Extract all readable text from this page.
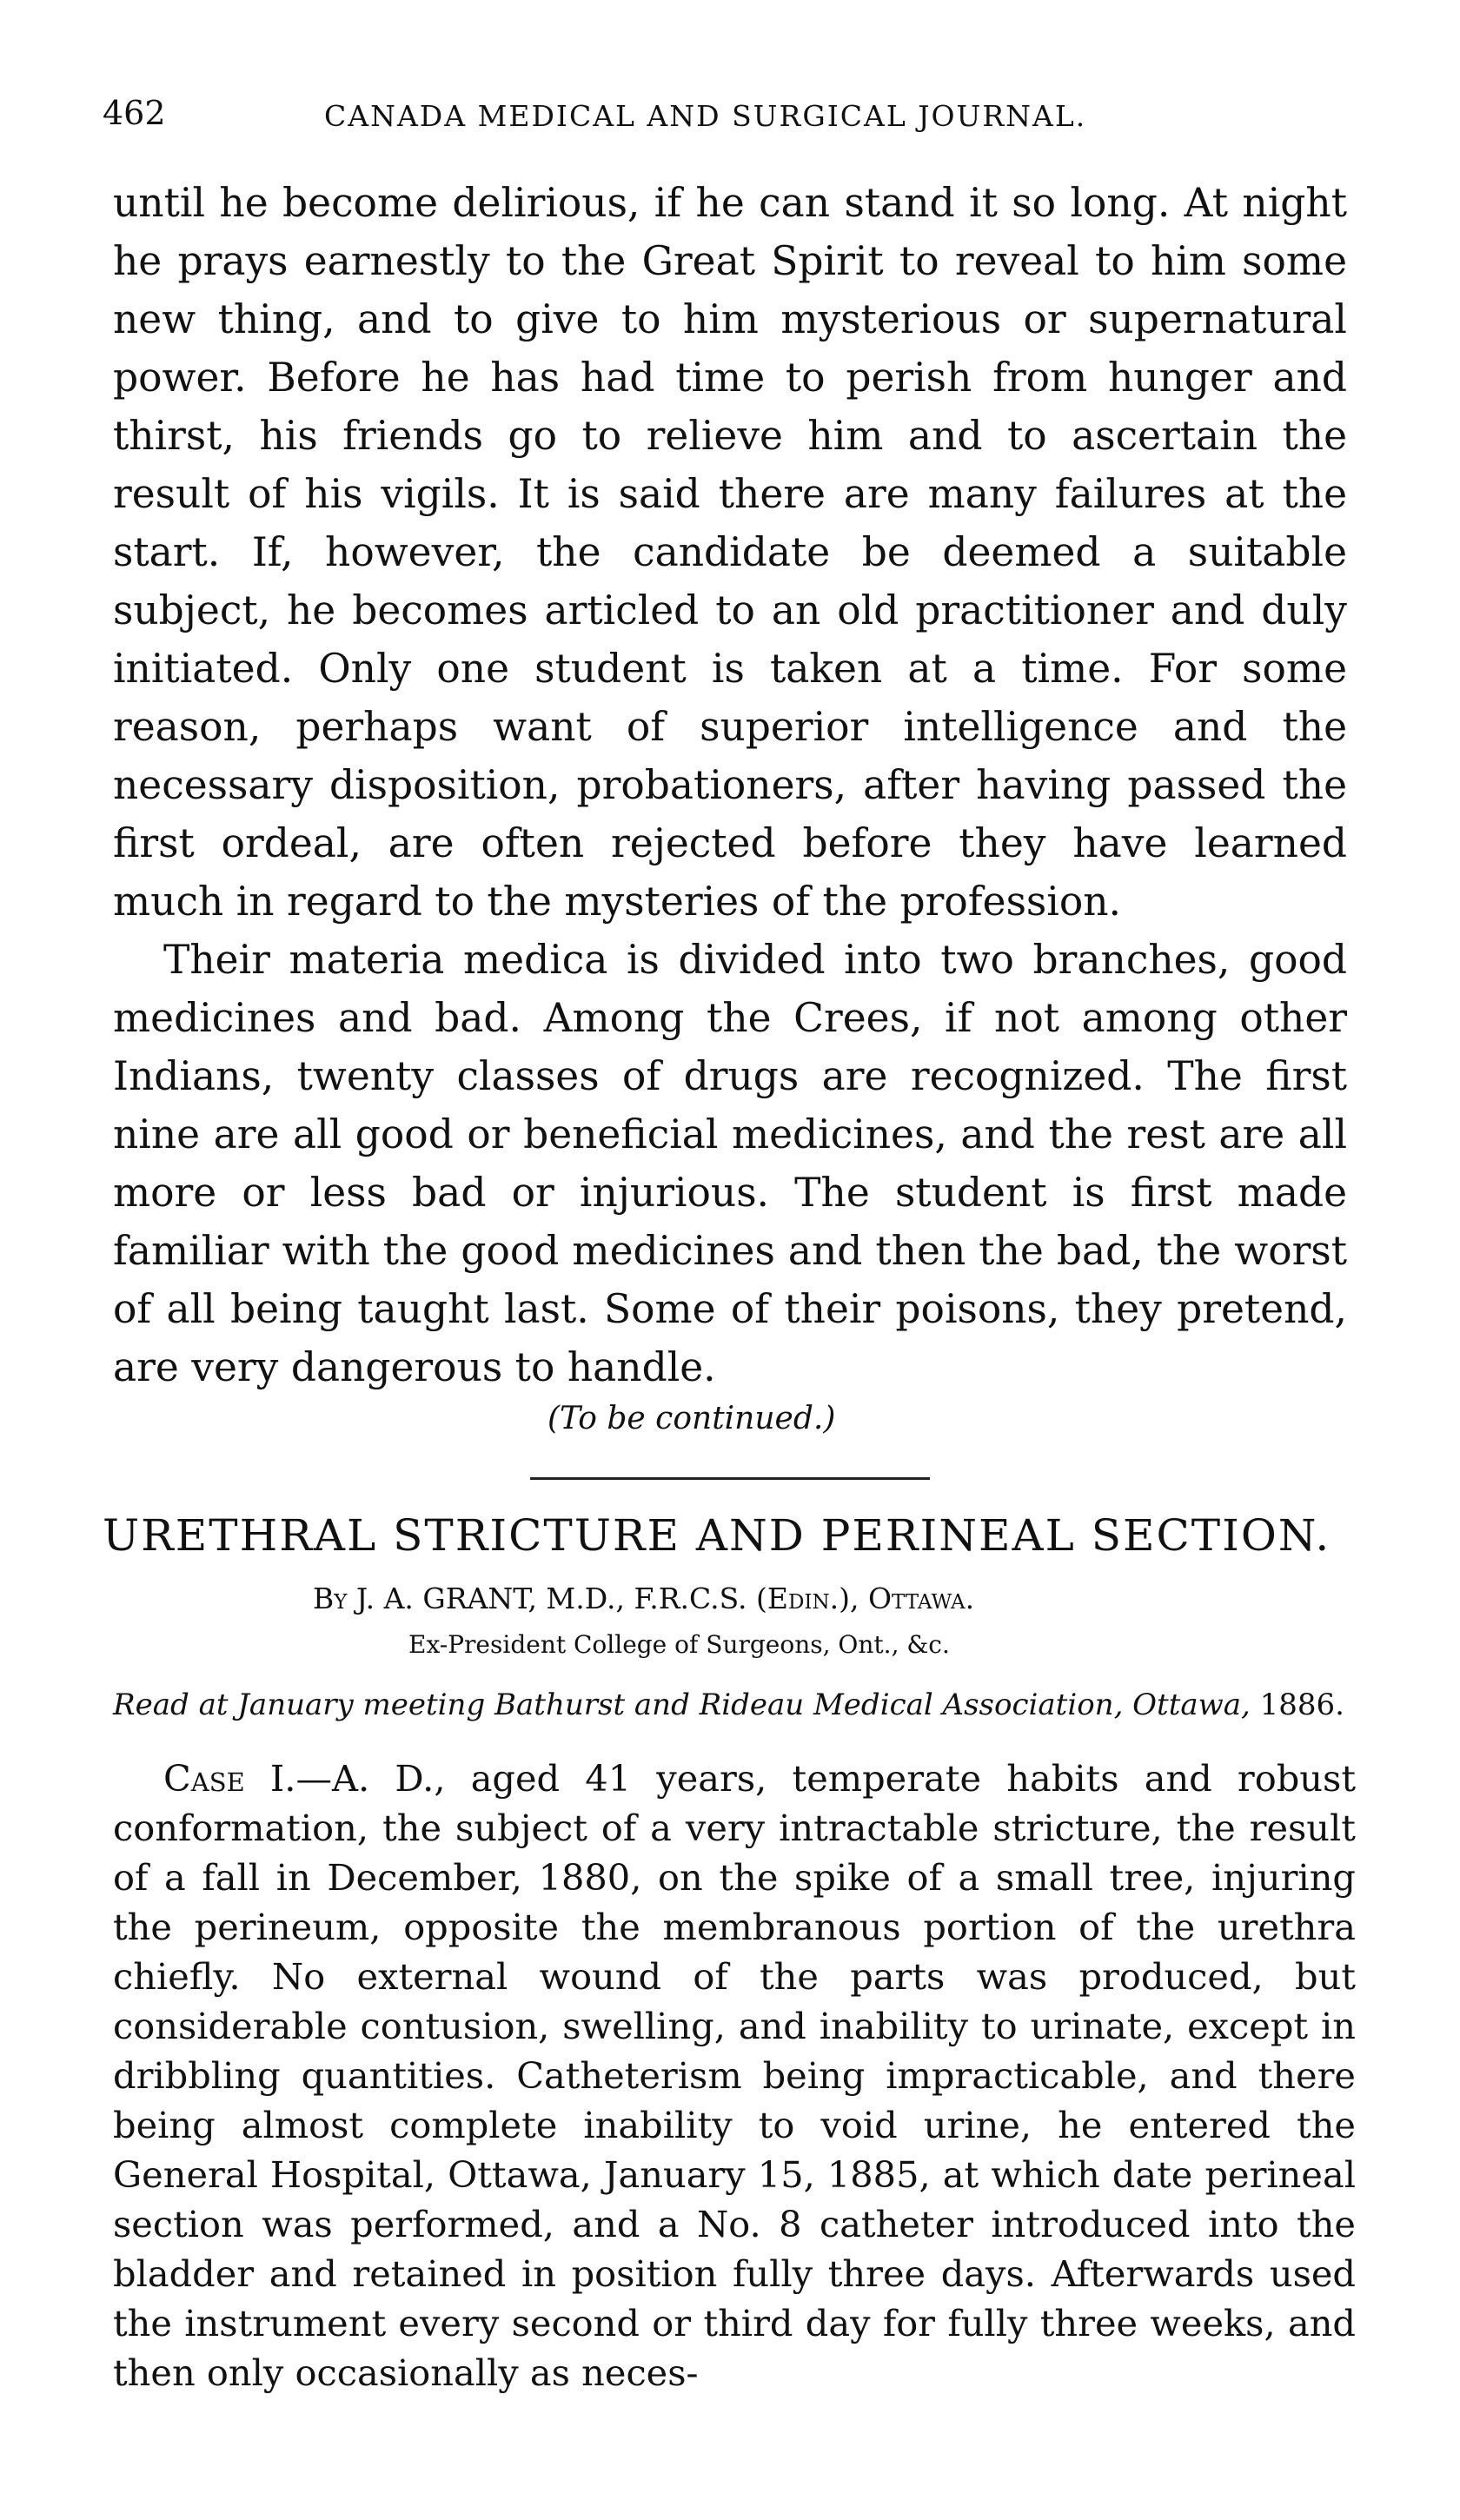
462	CANADA MEDICAL AND SURGICAL JOURNAL.

until he become delirious, if he can stand it so long. At night he prays earnestly to the Great Spirit to reveal to him some new thing, and to give to him mysterious or supernatural power. Before he has had time to perish from hunger and thirst, his friends go to relieve him and to ascertain the result of his vigils. It is said there are many failures at the start. If, however, the candidate be deemed a suitable subject, he becomes articled to an old practitioner and duly initiated. Only one student is taken at a time. For some reason, perhaps want of superior intelligence and the necessary disposition, probationers, after having passed the first ordeal, are often rejected before they have learned much in regard to the mysteries of the profession.

Their materia medica is divided into two branches, good medicines and bad. Among the Crees, if not among other Indians, twenty classes of drugs are recognized. The first nine are all good or beneficial medicines, and the rest are all more or less bad or injurious. The student is first made familiar with the good medicines and then the bad, the worst of all being taught last. Some of their poisons, they pretend, are very dangerous to handle.

(To be continued.)
URETHRAL STRICTURE AND PERINEAL SECTION.
By J. A. GRANT, M.D., F.R.C.S. (Edin.), Ottawa.
Ex-President College of Surgeons, Ont., &c.
Read at January meeting Bathurst and Rideau Medical Association, Ottawa, 1886.

Case I.—A. D., aged 41 years, temperate habits and robust conformation, the subject of a very intractable stricture, the result of a fall in December, 1880, on the spike of a small tree, injuring the perineum, opposite the membranous portion of the urethra chiefly. No external wound of the parts was produced, but considerable contusion, swelling, and inability to urinate, except in dribbling quantities. Catheterism being impracticable, and there being almost complete inability to void urine, he entered the General Hospital, Ottawa, January 15, 1885, at which date perineal section was performed, and a No. 8 catheter introduced into the bladder and retained in position fully three days. Afterwards used the instrument every second or third day for fully three weeks, and then only occasionally as neces-
